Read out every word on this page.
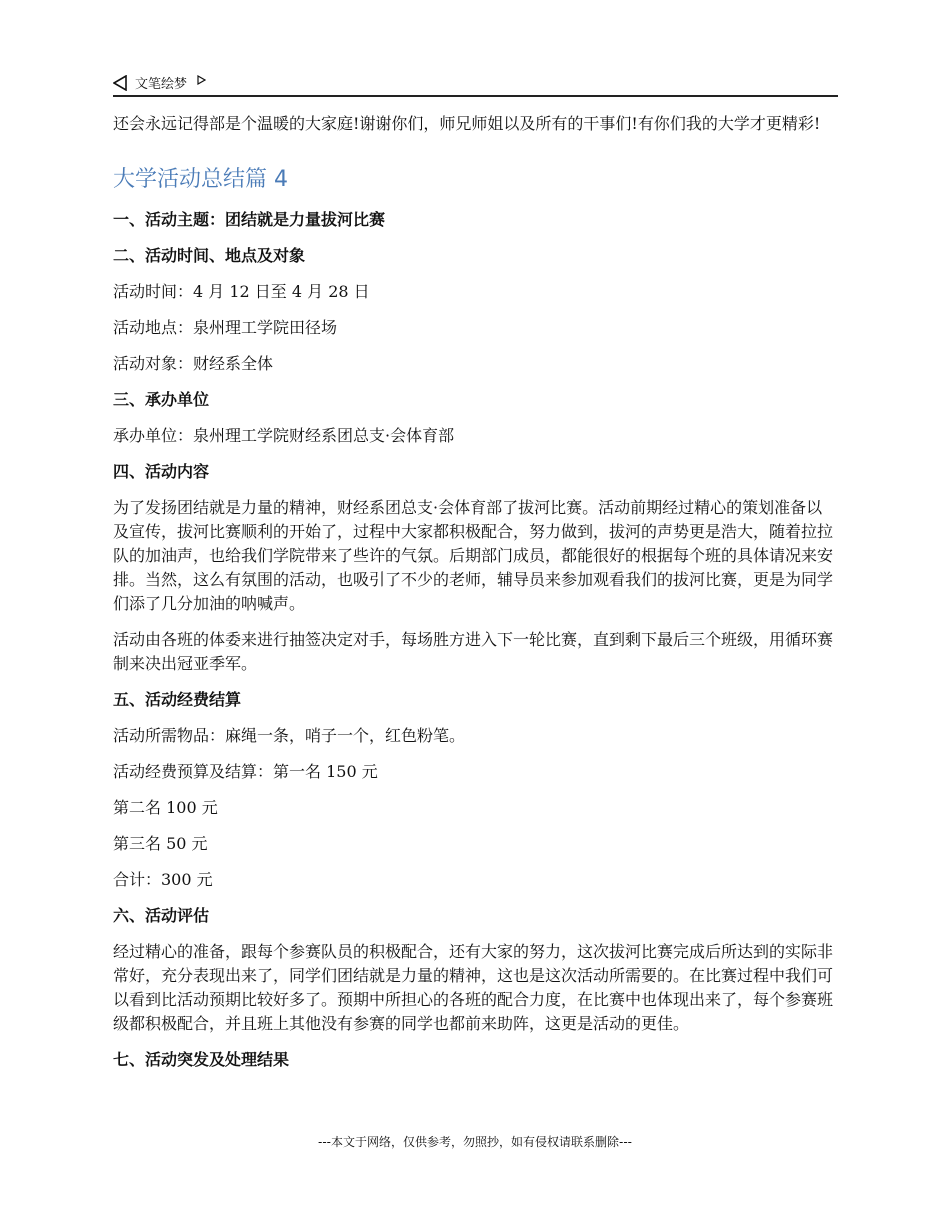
文笔绘梦

还会永远记得部是个温暖的大家庭!谢谢你们，师兄师姐以及所有的干事们!有你们我的大学才更精彩!

大学活动总结篇 4
一、活动主题：团结就是力量拔河比赛
二、活动时间、地点及对象

活动时间：4 月 12 日至 4 月 28 日

活动地点：泉州理工学院田径场

活动对象：财经系全体

三、承办单位

承办单位：泉州理工学院财经系团总支·会体育部

四、活动内容

为了发扬团结就是力量的精神，财经系团总支·会体育部了拔河比赛。活动前期经过精心的策划准备以及宣传，拔河比赛顺利的开始了，过程中大家都积极配合，努力做到，拔河的声势更是浩大，随着拉拉队的加油声，也给我们学院带来了些许的气氛。后期部门成员，都能很好的根据每个班的具体请况来安排。当然，这么有氛围的活动，也吸引了不少的老师，辅导员来参加观看我们的拔河比赛，更是为同学们添了几分加油的呐喊声。

活动由各班的体委来进行抽签决定对手，每场胜方进入下一轮比赛，直到剩下最后三个班级，用循环赛制来决出冠亚季军。

五、活动经费结算

活动所需物品：麻绳一条，哨子一个，红色粉笔。

活动经费预算及结算：第一名 150 元

第二名 100 元

第三名 50 元

合计：300 元

六、活动评估

经过精心的准备，跟每个参赛队员的积极配合，还有大家的努力，这次拔河比赛完成后所达到的实际非常好，充分表现出来了，同学们团结就是力量的精神，这也是这次活动所需要的。在比赛过程中我们可以看到比活动预期比较好多了。预期中所担心的各班的配合力度，在比赛中也体现出来了，每个参赛班级都积极配合，并且班上其他没有参赛的同学也都前来助阵，这更是活动的更佳。

七、活动突发及处理结果
---本文于网络，仅供参考，勿照抄，如有侵权请联系删除---
